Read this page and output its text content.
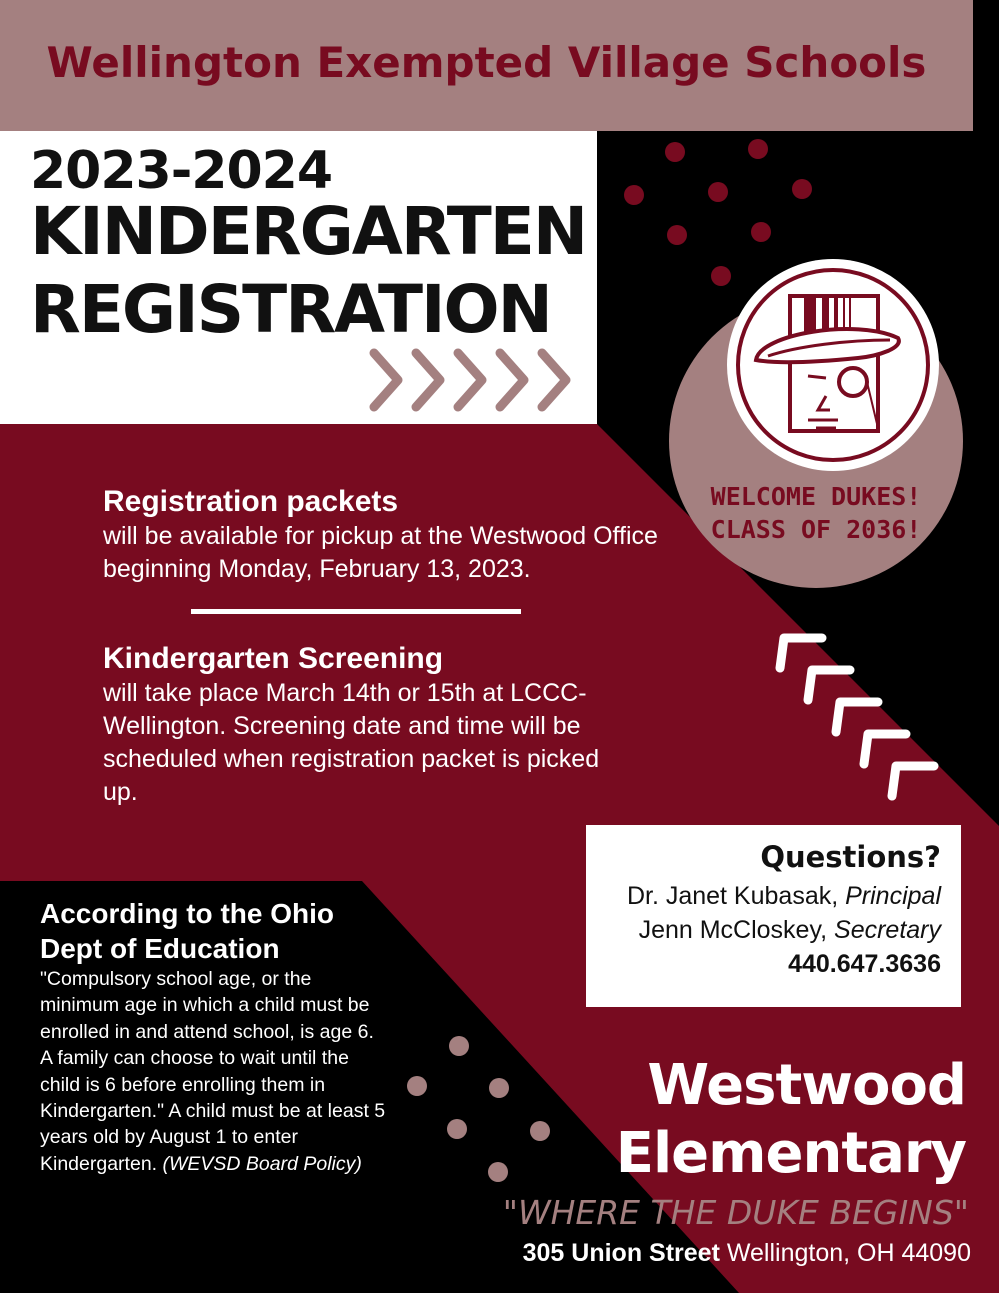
Wellington Exempted Village Schools
2023-2024
KINDERGARTEN
REGISTRATION
WELCOME DUKES!
CLASS OF 2036!
Registration packets

will be available for pickup at the Westwood Office beginning Monday, February 13, 2023.

Kindergarten Screening

will take place March 14th or 15th at LCCC-Wellington. Screening date and time will be scheduled when registration packet is picked up.

Questions?
Dr. Janet Kubasak, Principal
Jenn McCloskey, Secretary
440.647.3636
According to the Ohio Dept of Education

"Compulsory school age, or the minimum age in which a child must be enrolled in and attend school, is age 6. A family can choose to wait until the child is 6 before enrolling them in Kindergarten." A child must be at least 5 years old by August 1 to enter Kindergarten. (WEVSD Board Policy)

Westwood
Elementary
"WHERE THE DUKE BEGINS"
305 Union Street Wellington, OH 44090
